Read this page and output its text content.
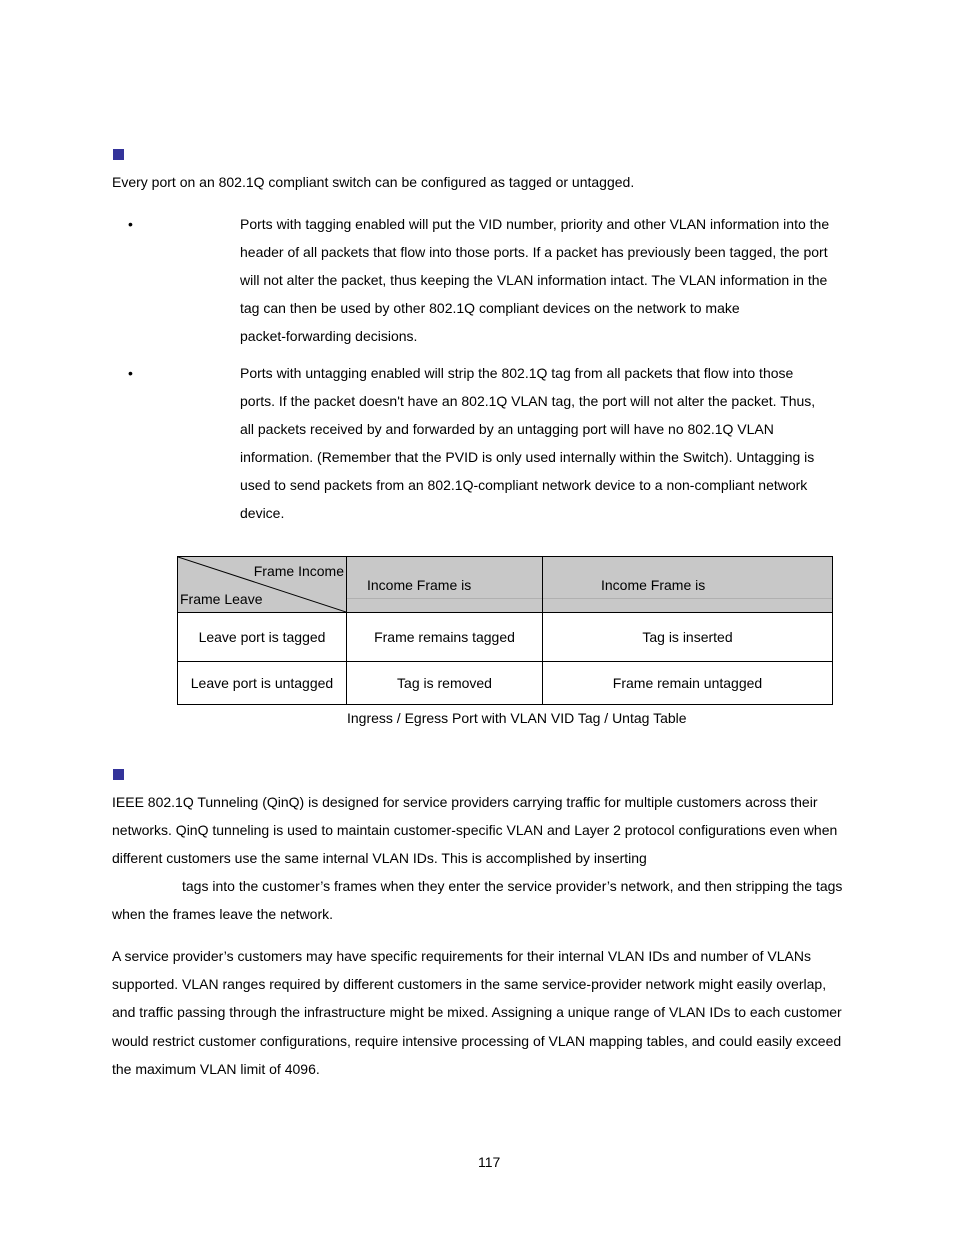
Every port on an 802.1Q compliant switch can be configured as tagged or untagged.
•	Ports with tagging enabled will put the VID number, priority and other VLAN information into the
header of all packets that flow into those ports. If a packet has previously been tagged, the port
will not alter the packet, thus keeping the VLAN information intact. The VLAN information in the
tag can then be used by other 802.1Q compliant devices on the network to make
packet-forwarding decisions.
•	Ports with untagging enabled will strip the 802.1Q tag from all packets that flow into those
ports. If the packet doesn't have an 802.1Q VLAN tag, the port will not alter the packet. Thus,
all packets received by and forwarded by an untagging port will have no 802.1Q VLAN
information. (Remember that the PVID is only used internally within the Switch). Untagging is
used to send packets from an 802.1Q-compliant network device to a non-compliant network
device.
Frame Income
Frame Leave	Income Frame is	Income Frame is

Leave port is tagged	Frame remains tagged	Tag is inserted
Leave port is untagged	Tag is removed	Frame remain untagged
Ingress / Egress Port with VLAN VID Tag / Untag Table
IEEE 802.1Q Tunneling (QinQ) is designed for service providers carrying traffic for multiple customers across their
networks. QinQ tunneling is used to maintain customer-specific VLAN and Layer 2 protocol configurations even when
different customers use the same internal VLAN IDs. This is accomplished by inserting
tags into the customer’s frames when they enter the service provider’s network, and then stripping the tags
when the frames leave the network.
A service provider’s customers may have specific requirements for their internal VLAN IDs and number of VLANs
supported. VLAN ranges required by different customers in the same service-provider network might easily overlap,
and traffic passing through the infrastructure might be mixed. Assigning a unique range of VLAN IDs to each customer
would restrict customer configurations, require intensive processing of VLAN mapping tables, and could easily exceed
the maximum VLAN limit of 4096.
117
